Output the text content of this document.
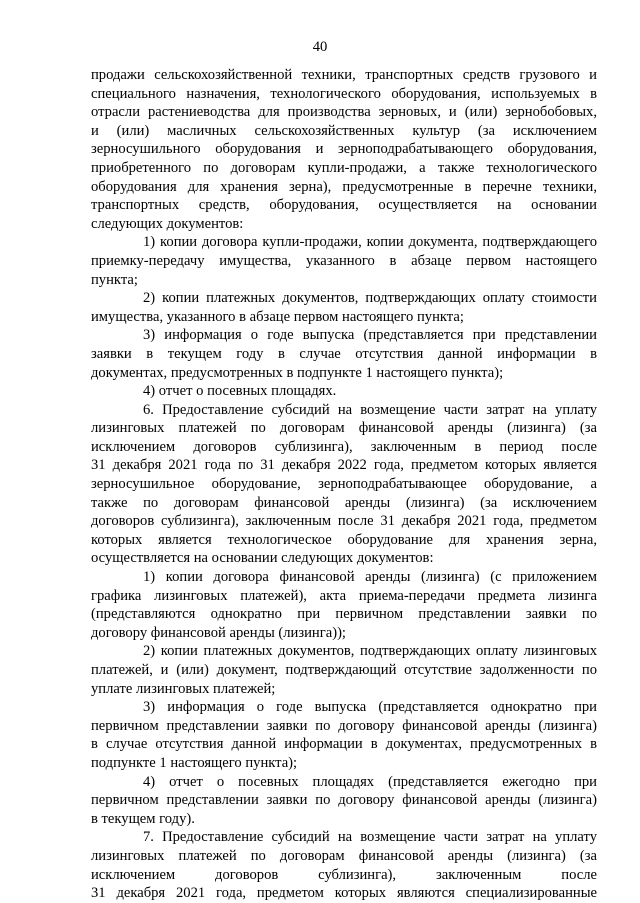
40
продажи сельскохозяйственной техники, транспортных средств грузового и
специального назначения, технологического оборудования, используемых в
отрасли растениеводства для производства зерновых, и (или) зернобобовых,
и (или) масличных сельскохозяйственных культур (за исключением
зерносушильного оборудования и зерноподрабатывающего оборудования,
приобретенного по договорам купли-продажи, а также технологического
оборудования для хранения зерна), предусмотренные в перечне техники,
транспортных средств, оборудования, осуществляется на основании
следующих документов:
1) копии договора купли-продажи, копии документа, подтверждающего
приемку-передачу имущества, указанного в абзаце первом настоящего
пункта;
2) копии платежных документов, подтверждающих оплату стоимости
имущества, указанного в абзаце первом настоящего пункта;
3) информация о годе выпуска (представляется при представлении
заявки в текущем году в случае отсутствия данной информации в
документах, предусмотренных в подпункте 1 настоящего пункта);
4) отчет о посевных площадях.
6. Предоставление субсидий на возмещение части затрат на уплату
лизинговых платежей по договорам финансовой аренды (лизинга) (за
исключением договоров сублизинга), заключенным в период после
31 декабря 2021 года по 31 декабря 2022 года, предметом которых является
зерносушильное оборудование, зерноподрабатывающее оборудование, а
также по договорам финансовой аренды (лизинга) (за исключением
договоров сублизинга), заключенным после 31 декабря 2021 года, предметом
которых является технологическое оборудование для хранения зерна,
осуществляется на основании следующих документов:
1) копии договора финансовой аренды (лизинга) (с приложением
графика лизинговых платежей), акта приема-передачи предмета лизинга
(представляются однократно при первичном представлении заявки по
договору финансовой аренды (лизинга));
2) копии платежных документов, подтверждающих оплату лизинговых
платежей, и (или) документ, подтверждающий отсутствие задолженности по
уплате лизинговых платежей;
3) информация о годе выпуска (представляется однократно при
первичном представлении заявки по договору финансовой аренды (лизинга)
в случае отсутствия данной информации в документах, предусмотренных в
подпункте 1 настоящего пункта);
4) отчет о посевных площадях (представляется ежегодно при
первичном представлении заявки по договору финансовой аренды (лизинга)
в текущем году).
7. Предоставление субсидий на возмещение части затрат на уплату
лизинговых платежей по договорам финансовой аренды (лизинга) (за
исключением договоров сублизинга), заключенным после
31 декабря 2021 года, предметом которых являются специализированные
